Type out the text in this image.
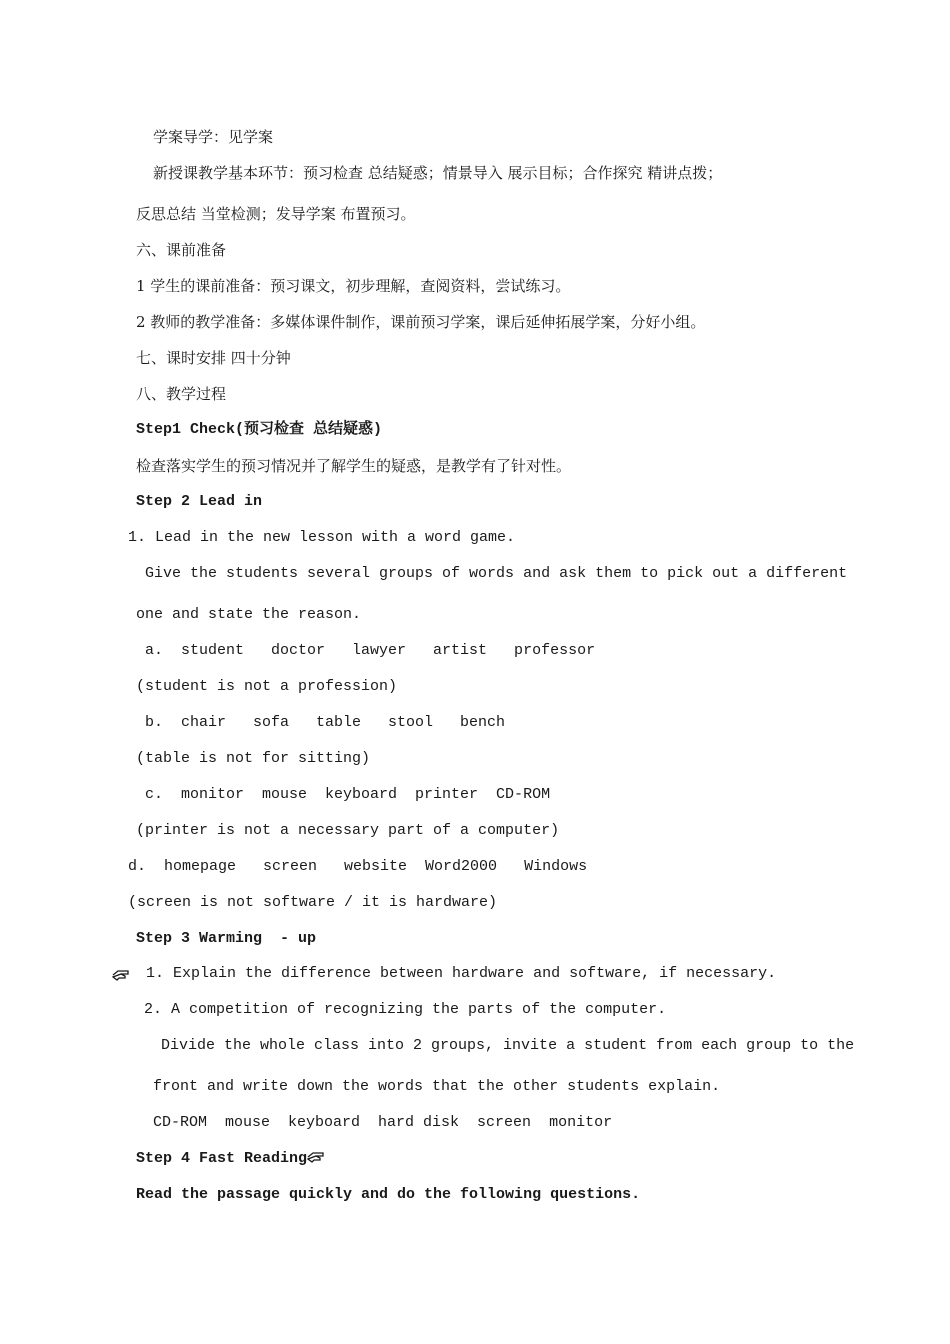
学案导学：见学案
新授课教学基本环节：预习检查 总结疑惑；情景导入 展示目标；合作探究 精讲点拨；
反思总结 当堂检测；发导学案 布置预习。
六、课前准备
1 学生的课前准备：预习课文，初步理解，查阅资料，尝试练习。
2 教师的教学准备：多媒体课件制作，课前预习学案，课后延伸拓展学案，分好小组。
七、课时安排 四十分钟
八、教学过程
Step1 Check(预习检查 总结疑惑)
检查落实学生的预习情况并了解学生的疑惑，是教学有了针对性。
Step 2 Lead in
1. Lead in the new lesson with a word game.
Give the students several groups of words and ask them to pick out a different
one and state the reason.
a.  student   doctor   lawyer   artist   professor
(student is not a profession)
b.  chair   sofa   table   stool   bench
(table is not for sitting)
c.  monitor  mouse  keyboard  printer  CD-ROM
(printer is not a necessary part of a computer)
d.  homepage   screen   website  Word2000   Windows
(screen is not software / it is hardware)
Step 3 Warming  - up
1. Explain the difference between hardware and software, if necessary.
2. A competition of recognizing the parts of the computer.
Divide the whole class into 2 groups, invite a student from each group to the
front and write down the words that the other students explain.
CD-ROM  mouse  keyboard  hard disk  screen  monitor
Step 4 Fast Reading
Read the passage quickly and do the following questions.
